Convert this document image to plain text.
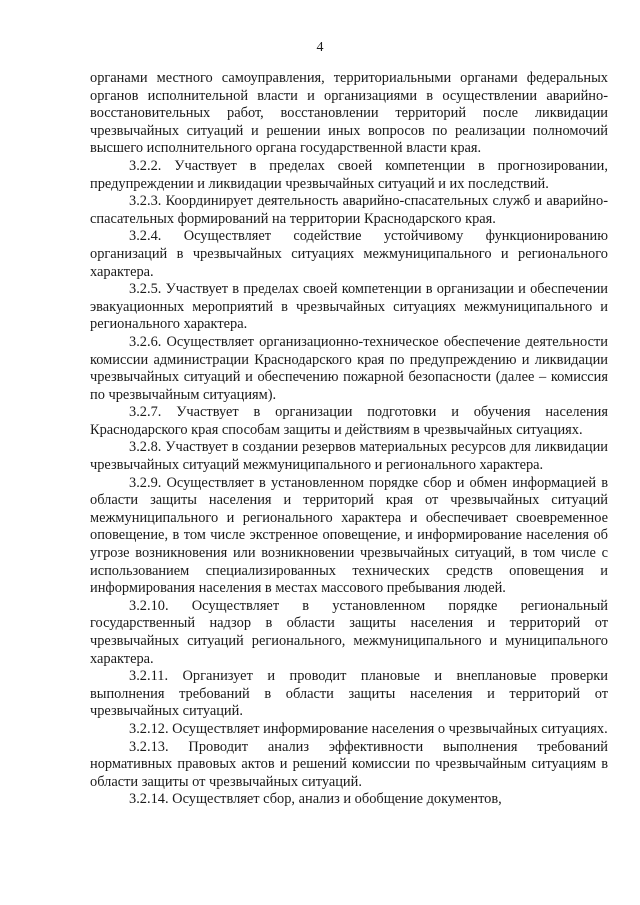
4

органами местного самоуправления, территориальными органами федеральных органов исполнительной власти и организациями в осуществлении аварийно-восстановительных работ, восстановлении территорий после ликвидации чрезвычайных ситуаций и решении иных вопросов по реализации полномочий высшего исполнительного органа государственной власти края.

3.2.2. Участвует в пределах своей компетенции в прогнозировании, предупреждении и ликвидации чрезвычайных ситуаций и их последствий.

3.2.3. Координирует деятельность аварийно-спасательных служб и аварийно-спасательных формирований на территории Краснодарского края.

3.2.4. Осуществляет содействие устойчивому функционированию организаций в чрезвычайных ситуациях межмуниципального и регионального характера.

3.2.5. Участвует в пределах своей компетенции в организации и обеспечении эвакуационных мероприятий в чрезвычайных ситуациях межмуниципального и регионального характера.

3.2.6. Осуществляет организационно-техническое обеспечение деятельности комиссии администрации Краснодарского края по предупреждению и ликвидации чрезвычайных ситуаций и обеспечению пожарной безопасности (далее – комиссия по чрезвычайным ситуациям).

3.2.7. Участвует в организации подготовки и обучения населения Краснодарского края способам защиты и действиям в чрезвычайных ситуациях.

3.2.8. Участвует в создании резервов материальных ресурсов для ликвидации чрезвычайных ситуаций межмуниципального и регионального характера.

3.2.9. Осуществляет в установленном порядке сбор и обмен информацией в области защиты населения и территорий края от чрезвычайных ситуаций межмуниципального и регионального характера и обеспечивает своевременное оповещение, в том числе экстренное оповещение, и информирование населения об угрозе возникновения или возникновении чрезвычайных ситуаций, в том числе с использованием специализированных технических средств оповещения и информирования населения в местах массового пребывания людей.

3.2.10. Осуществляет в установленном порядке региональный государственный надзор в области защиты населения и территорий от чрезвычайных ситуаций регионального, межмуниципального и муниципального характера.

3.2.11. Организует и проводит плановые и внеплановые проверки выполнения требований в области защиты населения и территорий от чрезвычайных ситуаций.

3.2.12. Осуществляет информирование населения о чрезвычайных ситуациях.

3.2.13. Проводит анализ эффективности выполнения требований нормативных правовых актов и решений комиссии по чрезвычайным ситуациям в области защиты от чрезвычайных ситуаций.

3.2.14. Осуществляет сбор, анализ и обобщение документов,
